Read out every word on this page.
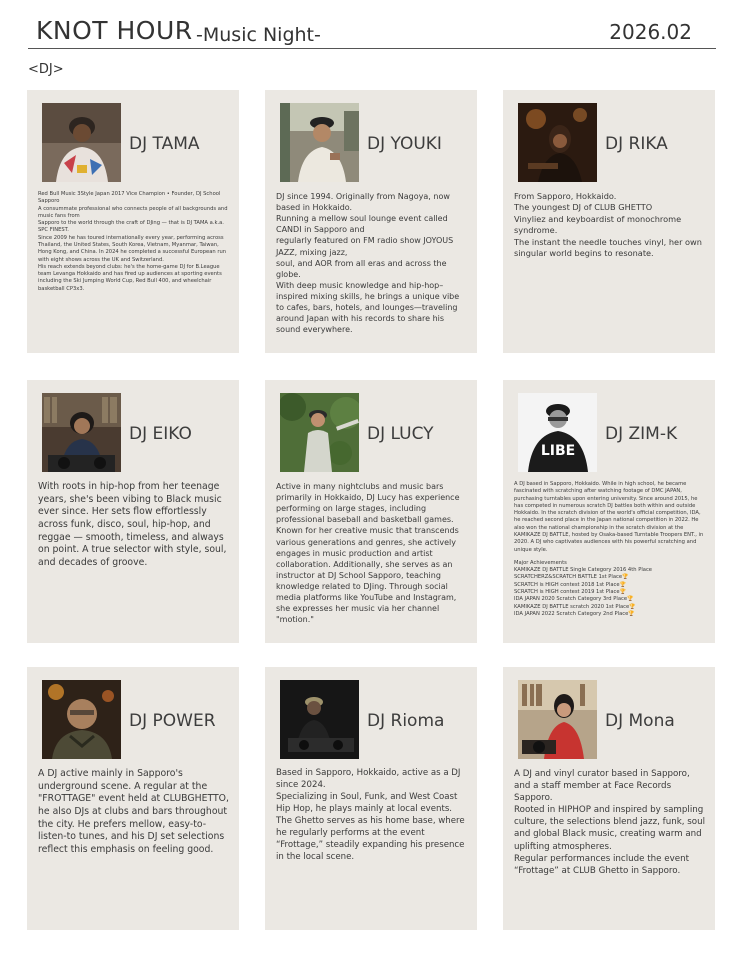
KNOT HOUR -Music Night-	2026.02
<DJ>
DJ TAMA
Red Bull Music 3Style Japan 2017 Vice Champion • Founder, DJ School Sapporo
A consummate professional who connects people of all backgrounds and music fans from
Sapporo to the world through the craft of DJing — that is DJ TAMA a.k.a. SPC FINEST.
Since 2009 he has toured internationally every year, performing across Thailand, the United States, South Korea, Vietnam, Myanmar, Taiwan, Hong Kong, and China. In 2024 he completed a successful European run with eight shows across the UK and Switzerland.
His reach extends beyond clubs: he's the home-game DJ for B.League team Levanga Hokkaido and has fired up audiences at sporting events including the Ski Jumping World Cup, Red Bull 400, and wheelchair basketball CP3x3.
DJ YOUKI
DJ since 1994. Originally from Nagoya, now based in Hokkaido.
Running a mellow soul lounge event called CANDI in Sapporo and
regularly featured on FM radio show JOYOUS JAZZ, mixing jazz,
soul, and AOR from all eras and across the globe.
With deep music knowledge and hip-hop–inspired mixing skills, he brings a unique vibe to cafes, bars, hotels, and lounges—traveling around Japan with his records to share his sound everywhere.
DJ RIKA
From Sapporo, Hokkaido.
The youngest DJ of CLUB GHETTO
Vinyliez and keyboardist of monochrome syndrome.
The instant the needle touches vinyl, her own singular world begins to resonate.
DJ EIKO
With roots in hip-hop from her teenage years, she's been vibing to Black music ever since. Her sets flow effortlessly across funk, disco, soul, hip-hop, and reggae — smooth, timeless, and always on point. A true selector with style, soul, and decades of groove.
DJ LUCY
Active in many nightclubs and music bars primarily in Hokkaido, DJ Lucy has experience performing on large stages, including professional baseball and basketball games. Known for her creative music that transcends various generations and genres, she actively engages in music production and artist collaboration. Additionally, she serves as an instructor at DJ School Sapporo, teaching knowledge related to DJing. Through social media platforms like YouTube and Instagram, she expresses her music via her channel "motion."
LIBE
DJ ZIM-K
A DJ based in Sapporo, Hokkaido. While in high school, he became fascinated with scratching after watching footage of DMC JAPAN, purchasing turntables upon entering university. Since around 2015, he has competed in numerous scratch DJ battles both within and outside Hokkaido. In the scratch division of the world's official competition, IDA, he reached second place in the Japan national competition in 2022. He also won the national championship in the scratch division at the KAMIKAZE DJ BATTLE, hosted by Osaka-based Turntable Troopers ENT., in 2020. A DJ who captivates audiences with his powerful scratching and unique style.
Major Achievements
KAMIKAZE DJ BATTLE Single Category 2016 4th Place
SCRATCHERZ&SCRATCH BATTLE 1st Place🏆
SCRATCH is HIGH contest 2018 1st Place🏆
SCRATCH is HIGH contest 2019 1st Place🏆
IDA JAPAN 2020 Scratch Category 3rd Place🏆
KAMIKAZE DJ BATTLE scratch 2020 1st Place🏆
IDA JAPAN 2022 Scratch Category 2nd Place🏆
DJ POWER
A DJ active mainly in Sapporo's underground scene. A regular at the "FROTTAGE" event held at CLUBGHETTO, he also DJs at clubs and bars throughout the city. He prefers mellow, easy-to-listen-to tunes, and his DJ set selections reflect this emphasis on feeling good.
DJ Rioma
Based in Sapporo, Hokkaido, active as a DJ since 2024.
Specializing in Soul, Funk, and West Coast Hip Hop, he plays mainly at local events.
The Ghetto serves as his home base, where he regularly performs at the event “Frottage,” steadily expanding his presence in the local scene.
DJ Mona
A DJ and vinyl curator based in Sapporo, and a staff member at Face Records Sapporo.
Rooted in HIPHOP and inspired by sampling culture, the selections blend jazz, funk, soul and global Black music, creating warm and uplifting atmospheres.
Regular performances include the event “Frottage” at CLUB Ghetto in Sapporo.
